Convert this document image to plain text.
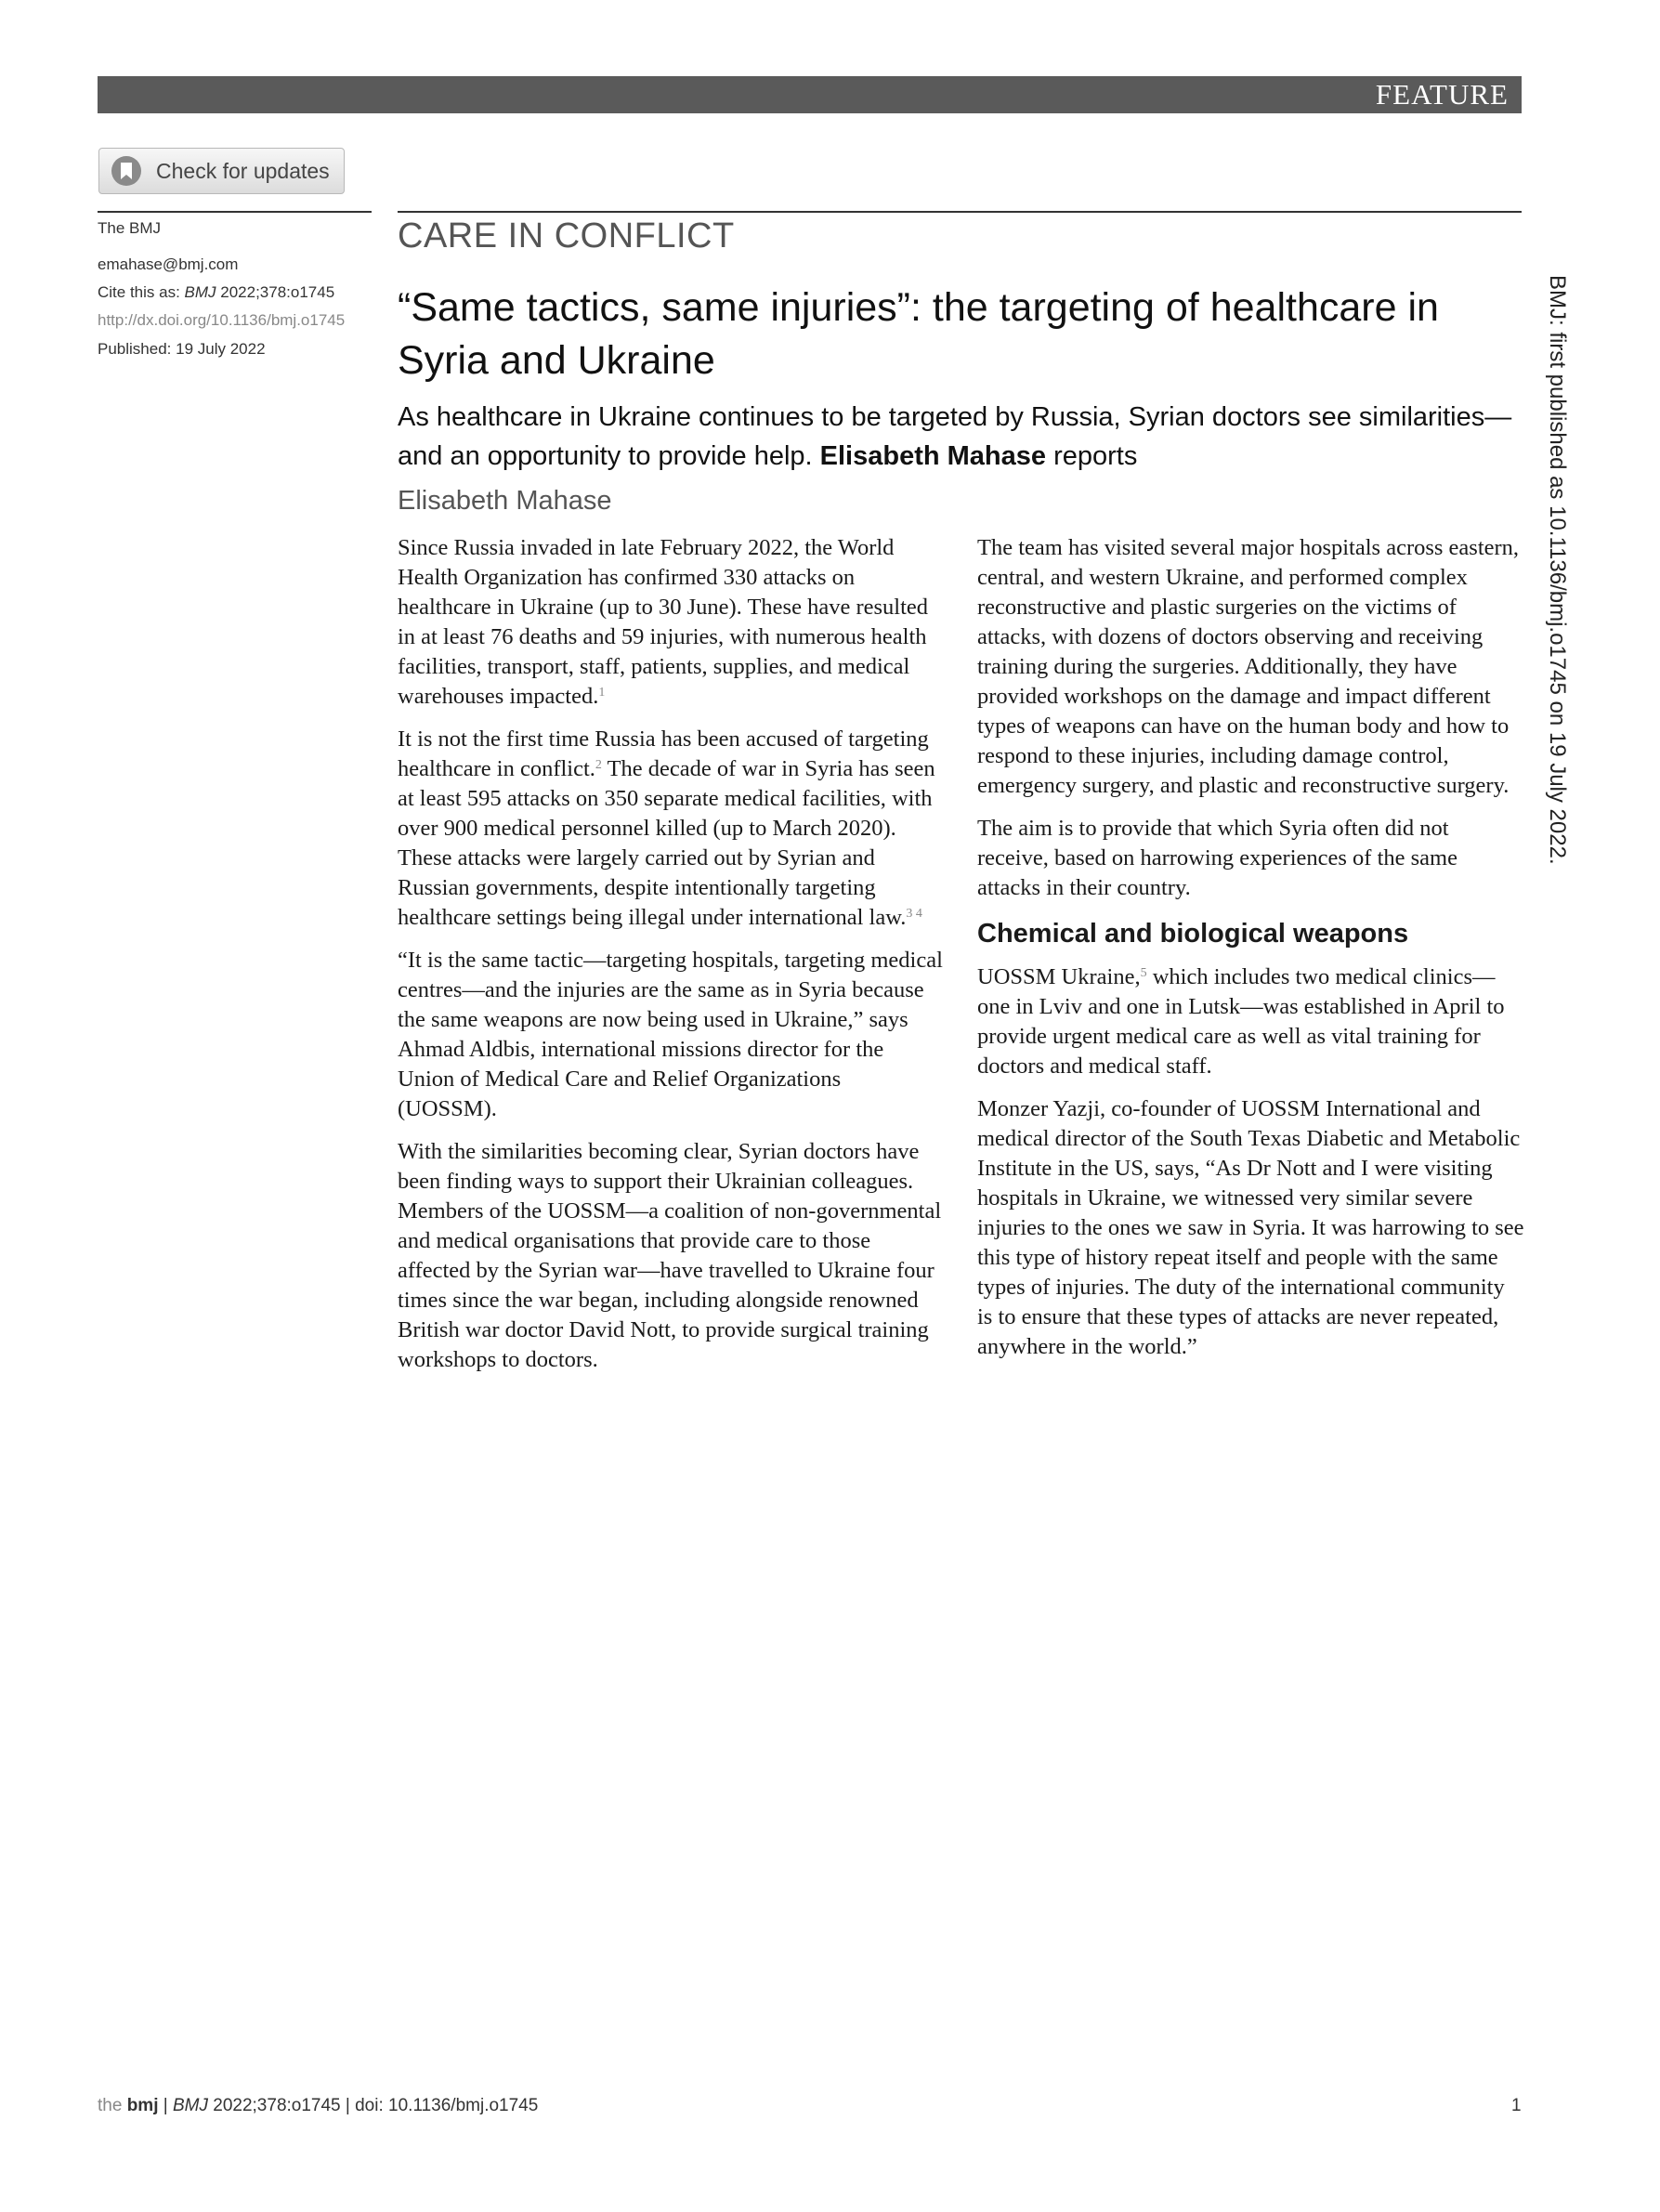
FEATURE
Check for updates
The BMJ
emahase@bmj.com
Cite this as: BMJ 2022;378:o1745
http://dx.doi.org/10.1136/bmj.o1745
Published: 19 July 2022
CARE IN CONFLICT
“Same tactics, same injuries”: the targeting of healthcare in Syria and Ukraine
As healthcare in Ukraine continues to be targeted by Russia, Syrian doctors see similarities—and an opportunity to provide help. Elisabeth Mahase reports
Elisabeth Mahase

Since Russia invaded in late February 2022, the World Health Organization has confirmed 330 attacks on healthcare in Ukraine (up to 30 June). These have resulted in at least 76 deaths and 59 injuries, with numerous health facilities, transport, staff, patients, supplies, and medical warehouses impacted.$^1$

It is not the first time Russia has been accused of targeting healthcare in conflict.$^2$ The decade of war in Syria has seen at least 595 attacks on 350 separate medical facilities, with over 900 medical personnel killed (up to March 2020). These attacks were largely carried out by Syrian and Russian governments, despite intentionally targeting healthcare settings being illegal under international law.$^{3 4}$

“It is the same tactic—targeting hospitals, targeting medical centres—and the injuries are the same as in Syria because the same weapons are now being used in Ukraine,” says Ahmad Aldbis, international missions director for the Union of Medical Care and Relief Organizations (UOSSM).

With the similarities becoming clear, Syrian doctors have been finding ways to support their Ukrainian colleagues. Members of the UOSSM—a coalition of non-governmental and medical organisations that provide care to those affected by the Syrian war—have travelled to Ukraine four times since the war began, including alongside renowned British war doctor David Nott, to provide surgical training workshops to doctors.

The team has visited several major hospitals across eastern, central, and western Ukraine, and performed complex reconstructive and plastic surgeries on the victims of attacks, with dozens of doctors observing and receiving training during the surgeries. Additionally, they have provided workshops on the damage and impact different types of weapons can have on the human body and how to respond to these injuries, including damage control, emergency surgery, and plastic and reconstructive surgery.

The aim is to provide that which Syria often did not receive, based on harrowing experiences of the same attacks in their country.

Chemical and biological weapons

UOSSM Ukraine,$^5$ which includes two medical clinics—one in Lviv and one in Lutsk—was established in April to provide urgent medical care as well as vital training for doctors and medical staff.

Monzer Yazji, co-founder of UOSSM International and medical director of the South Texas Diabetic and Metabolic Institute in the US, says, “As Dr Nott and I were visiting hospitals in Ukraine, we witnessed very similar severe injuries to the ones we saw in Syria. It was harrowing to see this type of history repeat itself and people with the same types of injuries. The duty of the international community is to ensure that these types of attacks are never repeated, anywhere in the world.”

BMJ: first published as 10.1136/bmj.o1745 on 19 July 2022.
the bmj | BMJ 2022;378:o1745 | doi: 10.1136/bmj.o1745	1
